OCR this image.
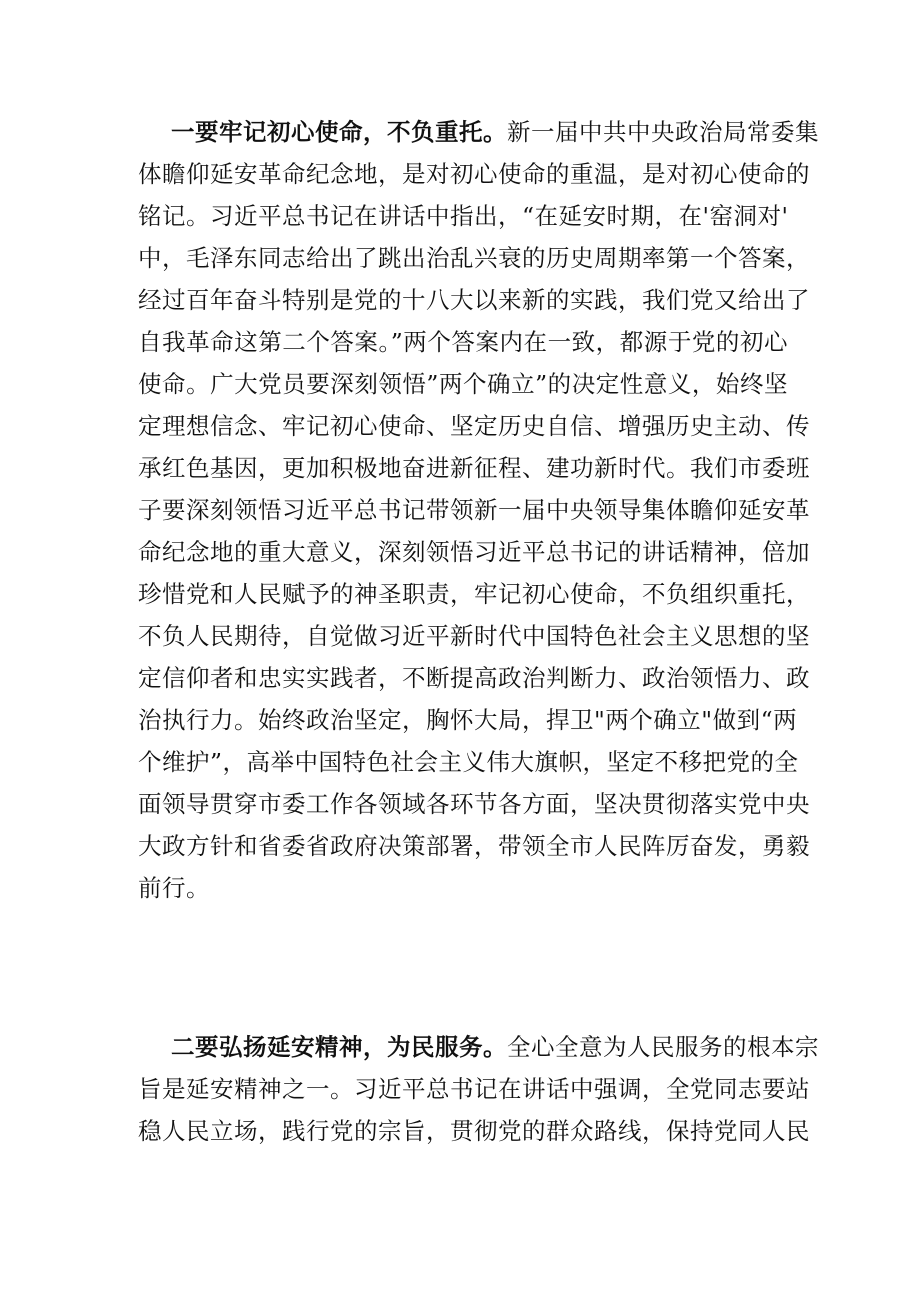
一要牢记初心使命，不负重托。新一届中共中央政治局常委集
体瞻仰延安革命纪念地，是对初心使命的重温，是对初心使命的
铭记。习近平总书记在讲话中指出，“在延安时期，在'窑洞对'
中，毛泽东同志给出了跳出治乱兴衰的历史周期率第一个答案，
经过百年奋斗特别是党的十八大以来新的实践，我们党又给出了
自我革命这第二个答案。”两个答案内在一致，都源于党的初心
使命。广大党员要深刻领悟”两个确立”的决定性意义，始终坚
定理想信念、牢记初心使命、坚定历史自信、增强历史主动、传
承红色基因，更加积极地奋进新征程、建功新时代。我们市委班
子要深刻领悟习近平总书记带领新一届中央领导集体瞻仰延安革
命纪念地的重大意义，深刻领悟习近平总书记的讲话精神，倍加
珍惜党和人民赋予的神圣职责，牢记初心使命，不负组织重托，
不负人民期待，自觉做习近平新时代中国特色社会主义思想的坚
定信仰者和忠实实践者，不断提高政治判断力、政治领悟力、政
治执行力。始终政治坚定，胸怀大局，捍卫"两个确立"做到“两
个维护”，高举中国特色社会主义伟大旗帜，坚定不移把党的全
面领导贯穿市委工作各领域各环节各方面，坚决贯彻落实党中央
大政方针和省委省政府决策部署，带领全市人民阵厉奋发，勇毅
前行。
二要弘扬延安精神，为民服务。全心全意为人民服务的根本宗
旨是延安精神之一。习近平总书记在讲话中强调，全党同志要站
稳人民立场，践行党的宗旨，贯彻党的群众路线，保持党同人民
